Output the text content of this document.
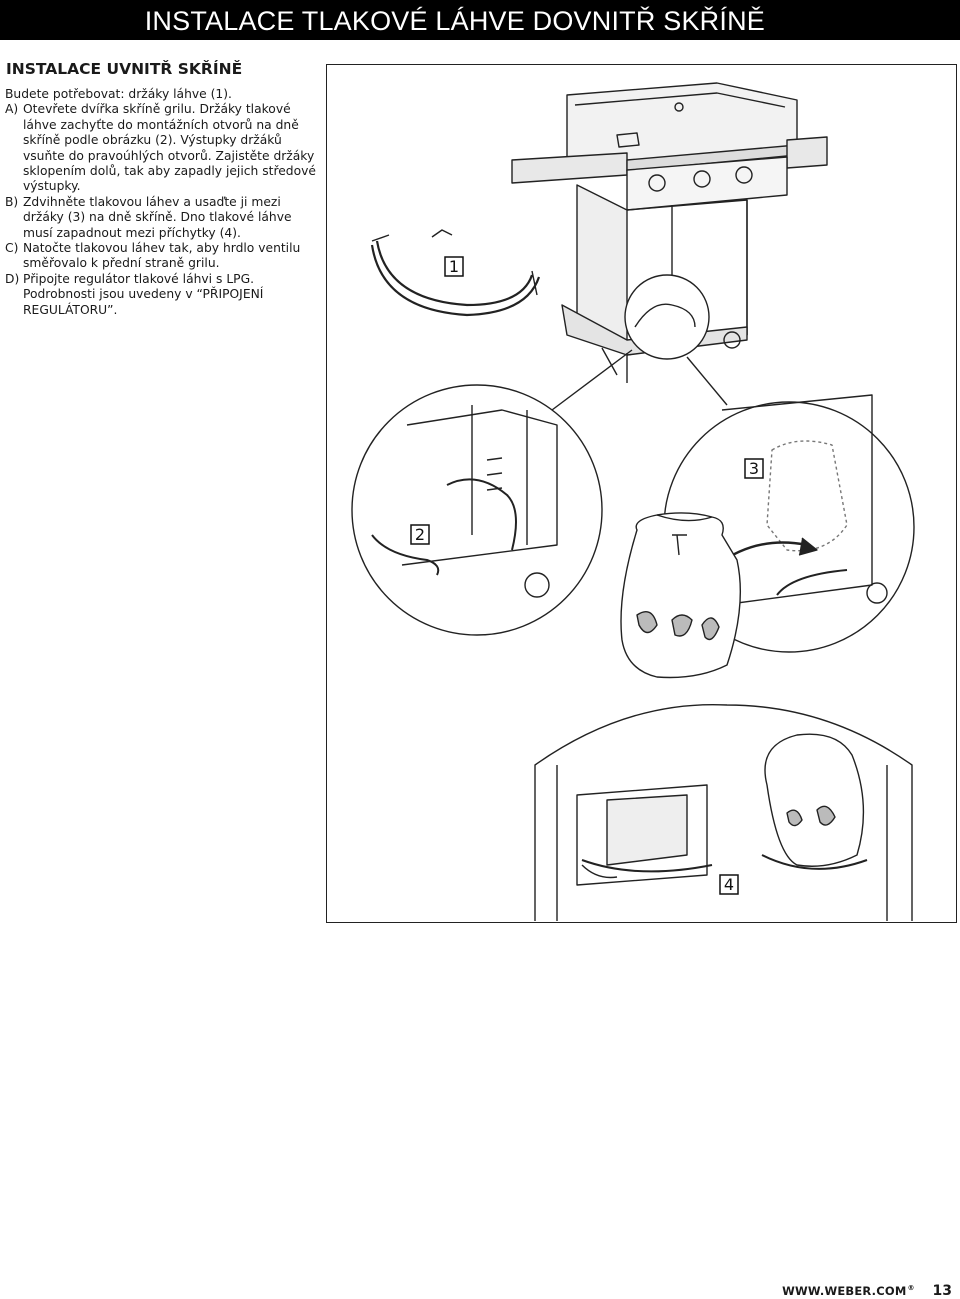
INSTALACE TLAKOVÉ LÁHVE DOVNITŘ SKŘÍNĚ
INSTALACE UVNITŘ SKŘÍNĚ

Budete potřebovat: držáky láhve (1).

A) Otevřete dvířka skříně grilu. Držáky tlakové láhve zachyťte do montážních otvorů na dně skříně podle obrázku (2). Výstupky držáků vsuňte do pravoúhlých otvorů. Zajistěte držáky sklopením dolů, tak aby zapadly jejich středové výstupky.
B) Zdvihněte tlakovou láhev a usaďte ji mezi držáky (3) na dně skříně. Dno tlakové láhve musí zapadnout mezi příchytky (4).
C) Natočte tlakovou láhev tak, aby hrdlo ventilu směřovalo k přední straně grilu.
D) Připojte regulátor tlakové láhvi s LPG. Podrobnosti jsou uvedeny v “PŘIPOJENÍ REGULÁTORU”.
1
2
3
4
WWW.WEBER.COM® 13
